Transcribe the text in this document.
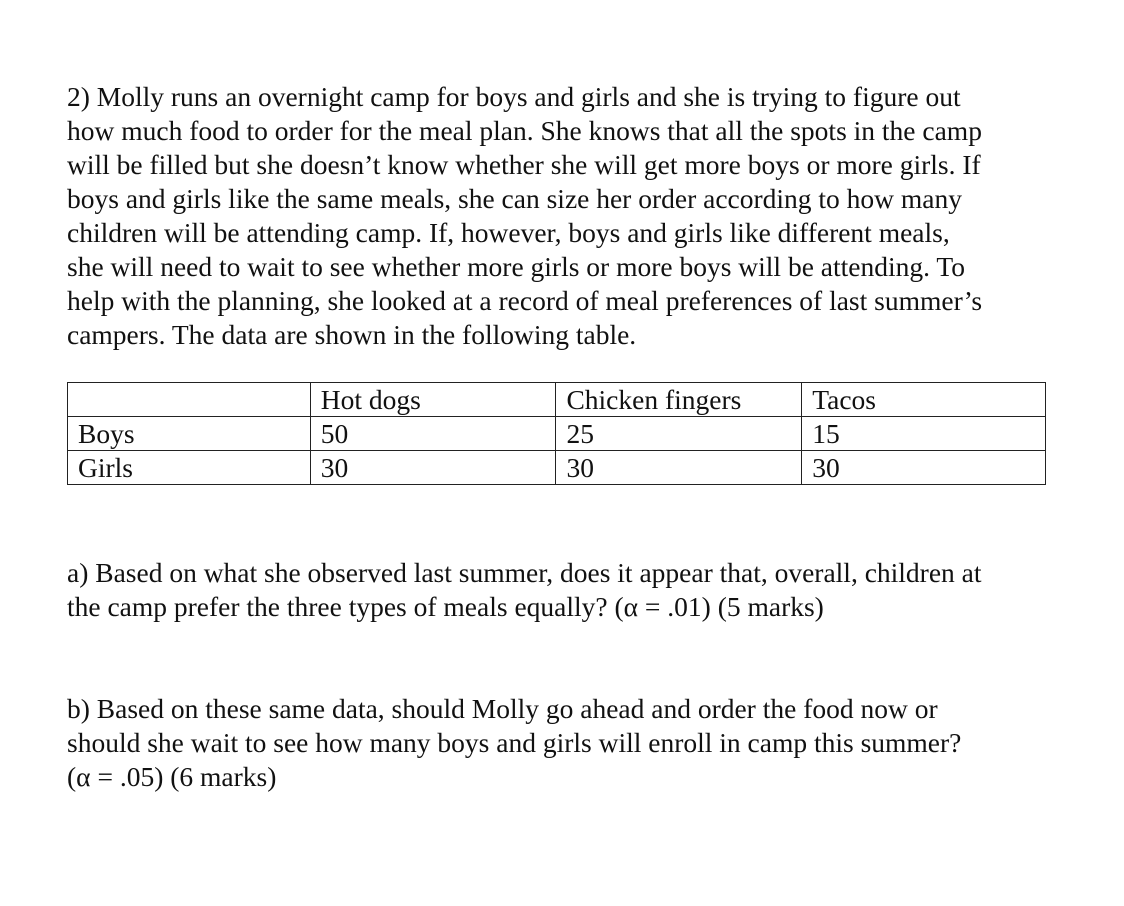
2) Molly runs an overnight camp for boys and girls and she is trying to figure out
how much food to order for the meal plan. She knows that all the spots in the camp
will be filled but she doesn’t know whether she will get more boys or more girls. If
boys and girls like the same meals, she can size her order according to how many
children will be attending camp. If, however, boys and girls like different meals,
she will need to wait to see whether more girls or more boys will be attending. To
help with the planning, she looked at a record of meal preferences of last summer’s
campers. The data are shown in the following table.
	Hot dogs	Chicken fingers	Tacos
Boys	50	25	15
Girls	30	30	30
a) Based on what she observed last summer, does it appear that, overall, children at
the camp prefer the three types of meals equally? (α = .01) (5 marks)
b) Based on these same data, should Molly go ahead and order the food now or
should she wait to see how many boys and girls will enroll in camp this summer?
(α = .05) (6 marks)
